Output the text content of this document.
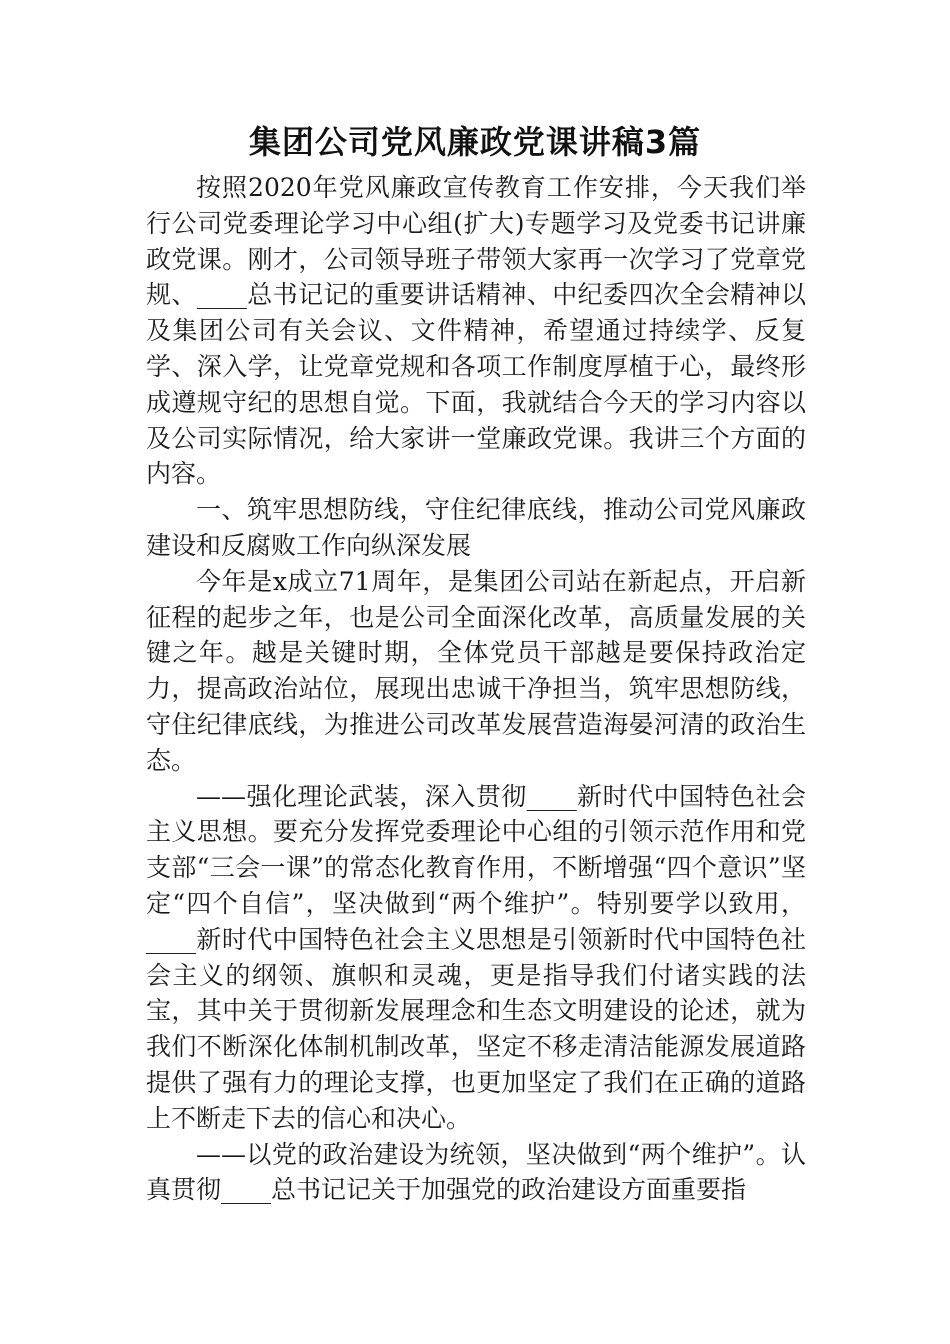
集团公司党风廉政党课讲稿3篇

按照2020年党风廉政宣传教育工作安排，今天我们举行公司党委理论学习中心组(扩大)专题学习及党委书记讲廉政党课。刚才，公司领导班子带领大家再一次学习了党章党规、____总书记记的重要讲话精神、中纪委四次全会精神以及集团公司有关会议、文件精神，希望通过持续学、反复学、深入学，让党章党规和各项工作制度厚植于心，最终形成遵规守纪的思想自觉。下面，我就结合今天的学习内容以及公司实际情况，给大家讲一堂廉政党课。我讲三个方面的内容。

一、筑牢思想防线，守住纪律底线，推动公司党风廉政建设和反腐败工作向纵深发展

今年是x成立71周年，是集团公司站在新起点，开启新征程的起步之年，也是公司全面深化改革，高质量发展的关键之年。越是关键时期，全体党员干部越是要保持政治定力，提高政治站位，展现出忠诚干净担当，筑牢思想防线，守住纪律底线，为推进公司改革发展营造海晏河清的政治生态。

——强化理论武装，深入贯彻____新时代中国特色社会主义思想。要充分发挥党委理论中心组的引领示范作用和党支部“三会一课”的常态化教育作用，不断增强“四个意识”坚定“四个自信”，坚决做到“两个维护”。特别要学以致用，____新时代中国特色社会主义思想是引领新时代中国特色社会主义的纲领、旗帜和灵魂，更是指导我们付诸实践的法宝，其中关于贯彻新发展理念和生态文明建设的论述，就为我们不断深化体制机制改革，坚定不移走清洁能源发展道路提供了强有力的理论支撑，也更加坚定了我们在正确的道路上不断走下去的信心和决心。

——以党的政治建设为统领，坚决做到“两个维护”。认真贯彻____总书记记关于加强党的政治建设方面重要指
